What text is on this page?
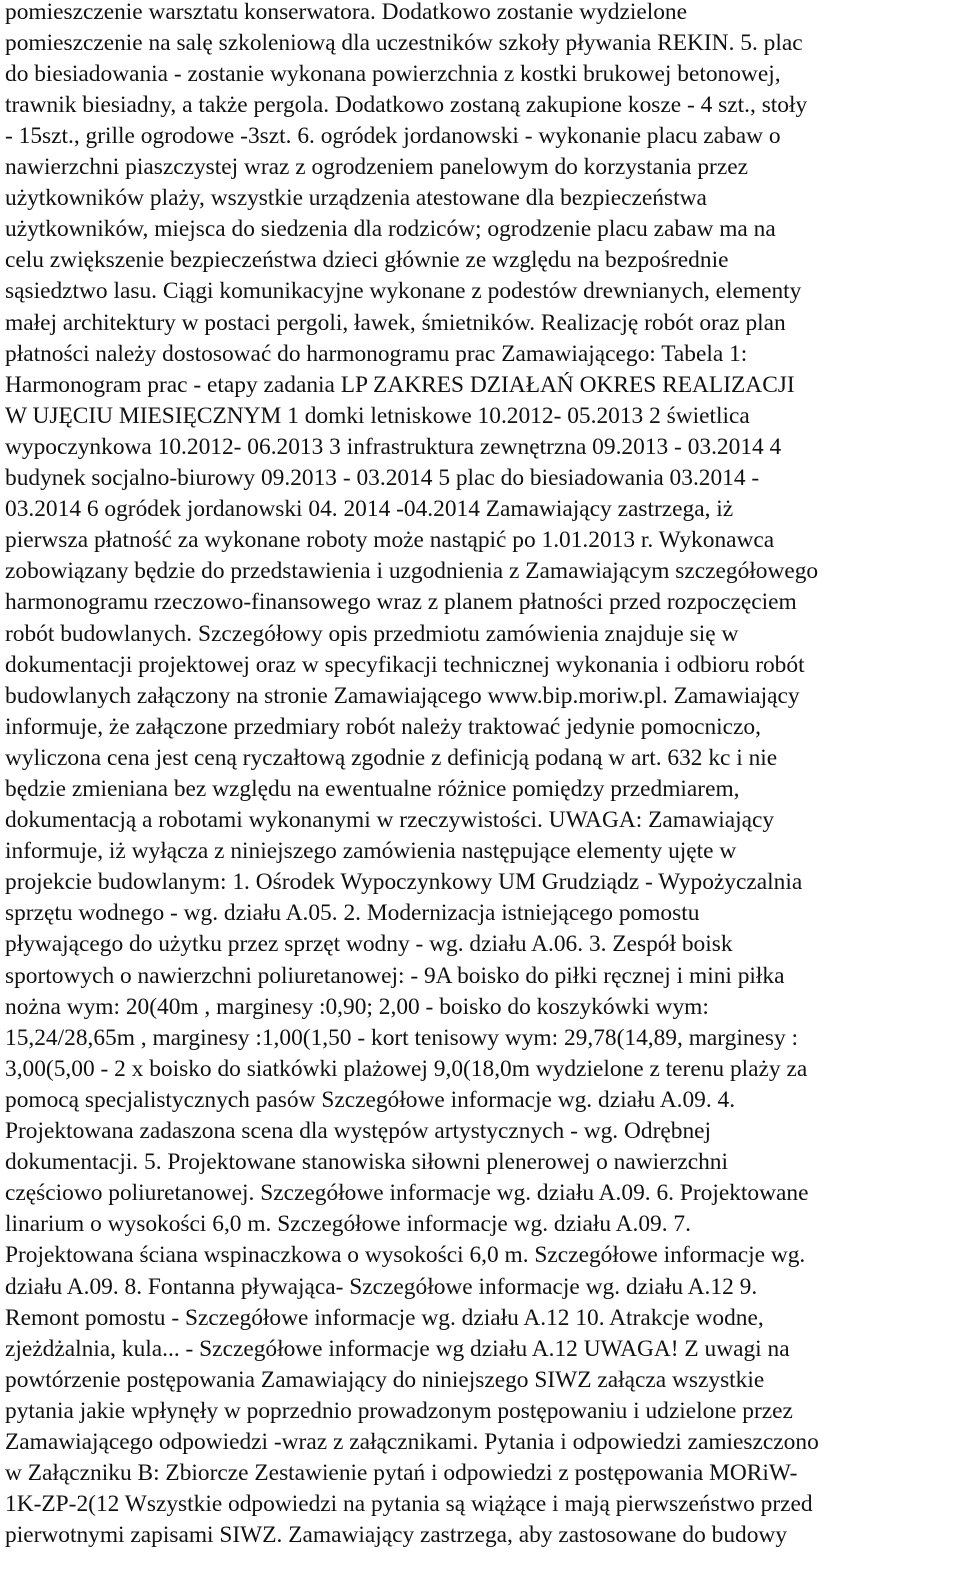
pomieszczenie warsztatu konserwatora. Dodatkowo zostanie wydzielone
pomieszczenie na salę szkoleniową dla uczestników szkoły pływania REKIN. 5. plac
do biesiadowania - zostanie wykonana powierzchnia z kostki brukowej betonowej,
trawnik biesiadny, a także pergola. Dodatkowo zostaną zakupione kosze - 4 szt., stoły
- 15szt., grille ogrodowe -3szt. 6. ogródek jordanowski - wykonanie placu zabaw o
nawierzchni piaszczystej wraz z ogrodzeniem panelowym do korzystania przez
użytkowników plaży, wszystkie urządzenia atestowane dla bezpieczeństwa
użytkowników, miejsca do siedzenia dla rodziców; ogrodzenie placu zabaw ma na
celu zwiększenie bezpieczeństwa dzieci głównie ze względu na bezpośrednie
sąsiedztwo lasu. Ciągi komunikacyjne wykonane z podestów drewnianych, elementy
małej architektury w postaci pergoli, ławek, śmietników. Realizację robót oraz plan
płatności należy dostosować do harmonogramu prac Zamawiającego: Tabela 1:
Harmonogram prac - etapy zadania LP ZAKRES DZIAŁAŃ OKRES REALIZACJI
W UJĘCIU MIESIĘCZNYM 1 domki letniskowe 10.2012- 05.2013 2 świetlica
wypoczynkowa 10.2012- 06.2013 3 infrastruktura zewnętrzna 09.2013 - 03.2014 4
budynek socjalno-biurowy 09.2013 - 03.2014 5 plac do biesiadowania 03.2014 -
03.2014 6 ogródek jordanowski 04. 2014 -04.2014 Zamawiający zastrzega, iż
pierwsza płatność za wykonane roboty może nastąpić po 1.01.2013 r. Wykonawca
zobowiązany będzie do przedstawienia i uzgodnienia z Zamawiającym szczegółowego
harmonogramu rzeczowo-finansowego wraz z planem płatności przed rozpoczęciem
robót budowlanych. Szczegółowy opis przedmiotu zamówienia znajduje się w
dokumentacji projektowej oraz w specyfikacji technicznej wykonania i odbioru robót
budowlanych załączony na stronie Zamawiającego www.bip.moriw.pl. Zamawiający
informuje, że załączone przedmiary robót należy traktować jedynie pomocniczo,
wyliczona cena jest ceną ryczałtową zgodnie z definicją podaną w art. 632 kc i nie
będzie zmieniana bez względu na ewentualne różnice pomiędzy przedmiarem,
dokumentacją a robotami wykonanymi w rzeczywistości. UWAGA: Zamawiający
informuje, iż wyłącza z niniejszego zamówienia następujące elementy ujęte w
projekcie budowlanym: 1. Ośrodek Wypoczynkowy UM Grudziądz - Wypożyczalnia
sprzętu wodnego - wg. działu A.05. 2. Modernizacja istniejącego pomostu
pływającego do użytku przez sprzęt wodny - wg. działu A.06. 3. Zespół boisk
sportowych o nawierzchni poliuretanowej: - 9A boisko do piłki ręcznej i mini piłka
nożna wym: 20(40m , marginesy :0,90; 2,00 - boisko do koszykówki wym:
15,24/28,65m , marginesy :1,00(1,50 - kort tenisowy wym: 29,78(14,89, marginesy :
3,00(5,00 - 2 x boisko do siatkówki plażowej 9,0(18,0m wydzielone z terenu plaży za
pomocą specjalistycznych pasów Szczegółowe informacje wg. działu A.09. 4.
Projektowana zadaszona scena dla występów artystycznych - wg. Odrębnej
dokumentacji. 5. Projektowane stanowiska siłowni plenerowej o nawierzchni
częściowo poliuretanowej. Szczegółowe informacje wg. działu A.09. 6. Projektowane
linarium o wysokości 6,0 m. Szczegółowe informacje wg. działu A.09. 7.
Projektowana ściana wspinaczkowa o wysokości 6,0 m. Szczegółowe informacje wg.
działu A.09. 8. Fontanna pływająca- Szczegółowe informacje wg. działu A.12 9.
Remont pomostu - Szczegółowe informacje wg. działu A.12 10. Atrakcje wodne,
zjeżdżalnia, kula... - Szczegółowe informacje wg działu A.12 UWAGA! Z uwagi na
powtórzenie postępowania Zamawiający do niniejszego SIWZ załącza wszystkie
pytania jakie wpłynęły w poprzednio prowadzonym postępowaniu i udzielone przez
Zamawiającego odpowiedzi -wraz z załącznikami. Pytania i odpowiedzi zamieszczono
w Załączniku B: Zbiorcze Zestawienie pytań i odpowiedzi z postępowania MORiW-
1K-ZP-2(12 Wszystkie odpowiedzi na pytania są wiążące i mają pierwszeństwo przed
pierwotnymi zapisami SIWZ. Zamawiający zastrzega, aby zastosowane do budowy
